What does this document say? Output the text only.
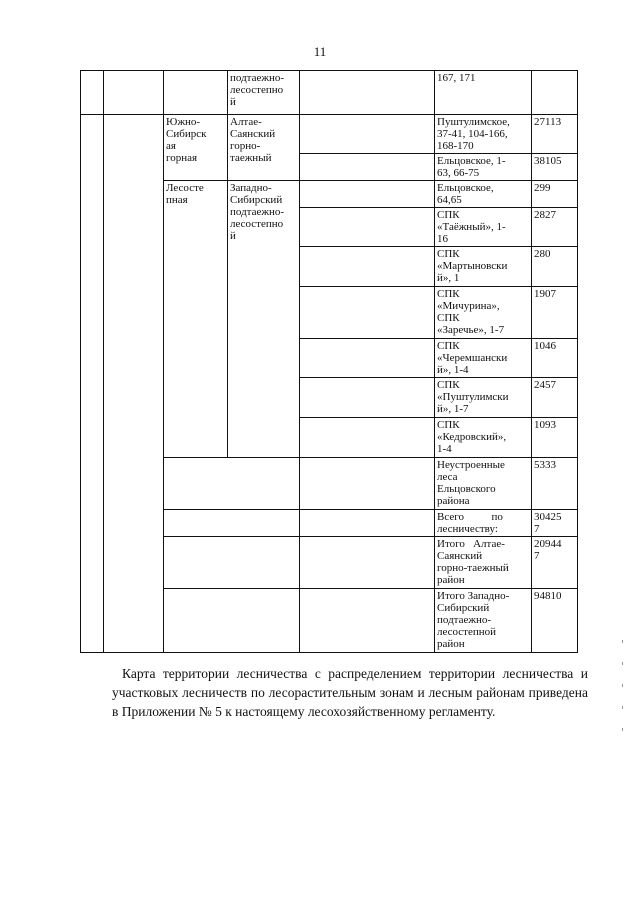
11
			подтаежно-
лесостепно
й		167, 171	
		Южно-
Сибирск
ая
горная	Алтае-
Саянский
горно-
таежный		Пуштулимское,
37-41, 104-166,
168-170	27113
					Ельцовское, 1-
63, 66-75	38105
		Лесосте
пная	Западно-
Сибирский
подтаежно-
лесостепно
й		Ельцовское,
64,65	299
					СПК
«Таёжный», 1-
16	2827
					СПК
«Мартыновски
й», 1	280
					СПК
«Мичурина»,
СПК
«Заречье», 1-7	1907
					СПК
«Черемшански
й», 1-4	1046
					СПК
«Пуштулимски
й», 1-7	2457
					СПК
«Кедровский»,
1-4	1093
					Неустроенные
леса
Ельцовского
района	5333
					Всего          по
лесничеству:	30425
7
					Итого   Алтае-
Саянский
горно-таежный
район	20944
7
					Итого Западно-
Сибирский
подтаежно-
лесостепной
район	94810

Карта территории лесничества с распределением территории лесничества и участковых лесничеств по лесорастительным зонам и лесным районам приведена в Приложении № 5 к настоящему лесохозяйственному регламенту.
